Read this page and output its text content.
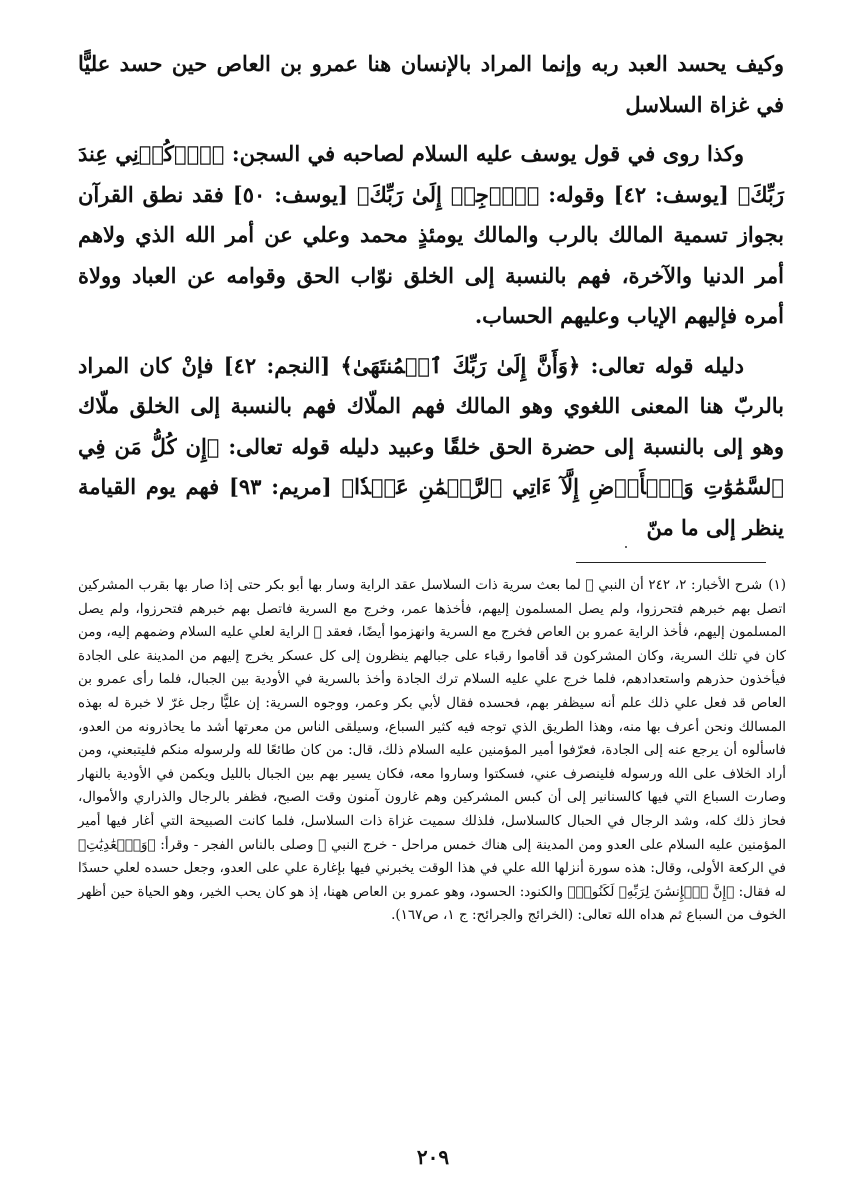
وكيف يحسد العبد ربه وإنما المراد بالإنسان هنا عمرو بن العاص حين حسد عليًّا في غزاة السلاسل

وكذا روى في قول يوسف عليه السلام لصاحبه في السجن: ﴿ٱذۡكُرۡنِي عِندَ رَبِّكَ﴾ [يوسف: ٤٢] وقوله: ﴿ٱرۡجِعۡ إِلَىٰ رَبِّكَ﴾ [يوسف: ٥٠] فقد نطق القرآن بجواز تسمية المالك بالرب والمالك يومئذٍ محمد وعلي عن أمر الله الذي ولاهم أمر الدنيا والآخرة، فهم بالنسبة إلى الخلق نوّاب الحق وقوامه عن العباد وولاة أمره فإليهم الإياب وعليهم الحساب.

دليله قوله تعالى: ﴿وَأَنَّ إِلَىٰ رَبِّكَ ٱلۡمُنتَهَىٰ﴾ [النجم: ٤٢] فإنْ كان المراد بالربّ هنا المعنى اللغوي وهو المالك فهم الملّاك فهم بالنسبة إلى الخلق ملّاك وهو إلى بالنسبة إلى حضرة الحق خلقًا وعبيد دليله قوله تعالى: ﴿إِن كُلُّ مَن فِي ٱلسَّمَٰوَٰتِ وَٱلۡأَرۡضِ إِلَّآ ءَاتِي ٱلرَّحۡمَٰنِ عَبۡدٗا﴾ [مريم: ٩٣] فهم يوم القيامة ينظر إلى ما منّ

(١)شرح الأخبار: ٢، ٢٤٢ أن النبي ﷺ لما بعث سرية ذات السلاسل عقد الراية وسار بها أبو بكر حتى إذا صار بها بقرب المشركين اتصل بهم خبرهم فتحرزوا، ولم يصل المسلمون إليهم، فأخذها عمر، وخرج مع السرية فاتصل بهم خبرهم فتحرزوا، ولم يصل المسلمون إليهم، فأخذ الراية عمرو بن العاص فخرج مع السرية وانهزموا أيضًا، فعقد ﷺ الراية لعلي عليه السلام وضمهم إليه، ومن كان في تلك السرية، وكان المشركون قد أقاموا رقباء على جبالهم ينظرون إلى كل عسكر يخرج إليهم من المدينة على الجادة فيأخذون حذرهم واستعدادهم، فلما خرج علي عليه السلام ترك الجادة وأخذ بالسرية في الأودية بين الجبال، فلما رأى عمرو بن العاص قد فعل علي ذلك علم أنه سيظفر بهم، فحسده فقال لأبي بكر وعمر، ووجوه السرية: إن عليًّا رجل غرّ لا خبرة له بهذه المسالك ونحن أعرف بها منه، وهذا الطريق الذي توجه فيه كثير السباع، وسيلقى الناس من معرتها أشد ما يحاذرونه من العدو، فاسألوه أن يرجع عنه إلى الجادة، فعرّفوا أمير المؤمنين عليه السلام ذلك، قال: من كان طائعًا لله ولرسوله منكم فليتبعني، ومن أراد الخلاف على الله ورسوله فلينصرف عني، فسكتوا وساروا معه، فكان يسير بهم بين الجبال بالليل ويكمن في الأودية بالنهار وصارت السباع التي فيها كالسنانير إلى أن كبس المشركين وهم غارون آمنون وقت الصبح، فظفر بالرجال والذراري والأموال، فحاز ذلك كله، وشد الرجال في الحبال كالسلاسل، فلذلك سميت غزاة ذات السلاسل، فلما كانت الصبيحة التي أغار فيها أمير المؤمنين عليه السلام على العدو ومن المدينة إلى هناك خمس مراحل - خرج النبي ﷺ وصلى بالناس الفجر - وقرأ: ﴿وَٱلۡعَٰدِيَٰتِ﴾ في الركعة الأولى، وقال: هذه سورة أنزلها الله علي في هذا الوقت يخبرني فيها بإغارة علي على العدو، وجعل حسده لعلي حسدًا له فقال: ﴿إِنَّ ٱلۡإِنسَٰنَ لِرَبِّهِۦ لَكَنُودٞ﴾ والكنود: الحسود، وهو عمرو بن العاص ههنا، إذ هو كان يحب الخير، وهو الحياة حين أظهر الخوف من السباع ثم هداه الله تعالى: (الخرائج والجرائح: ج ١، ص١٦٧).

٢٠٩
